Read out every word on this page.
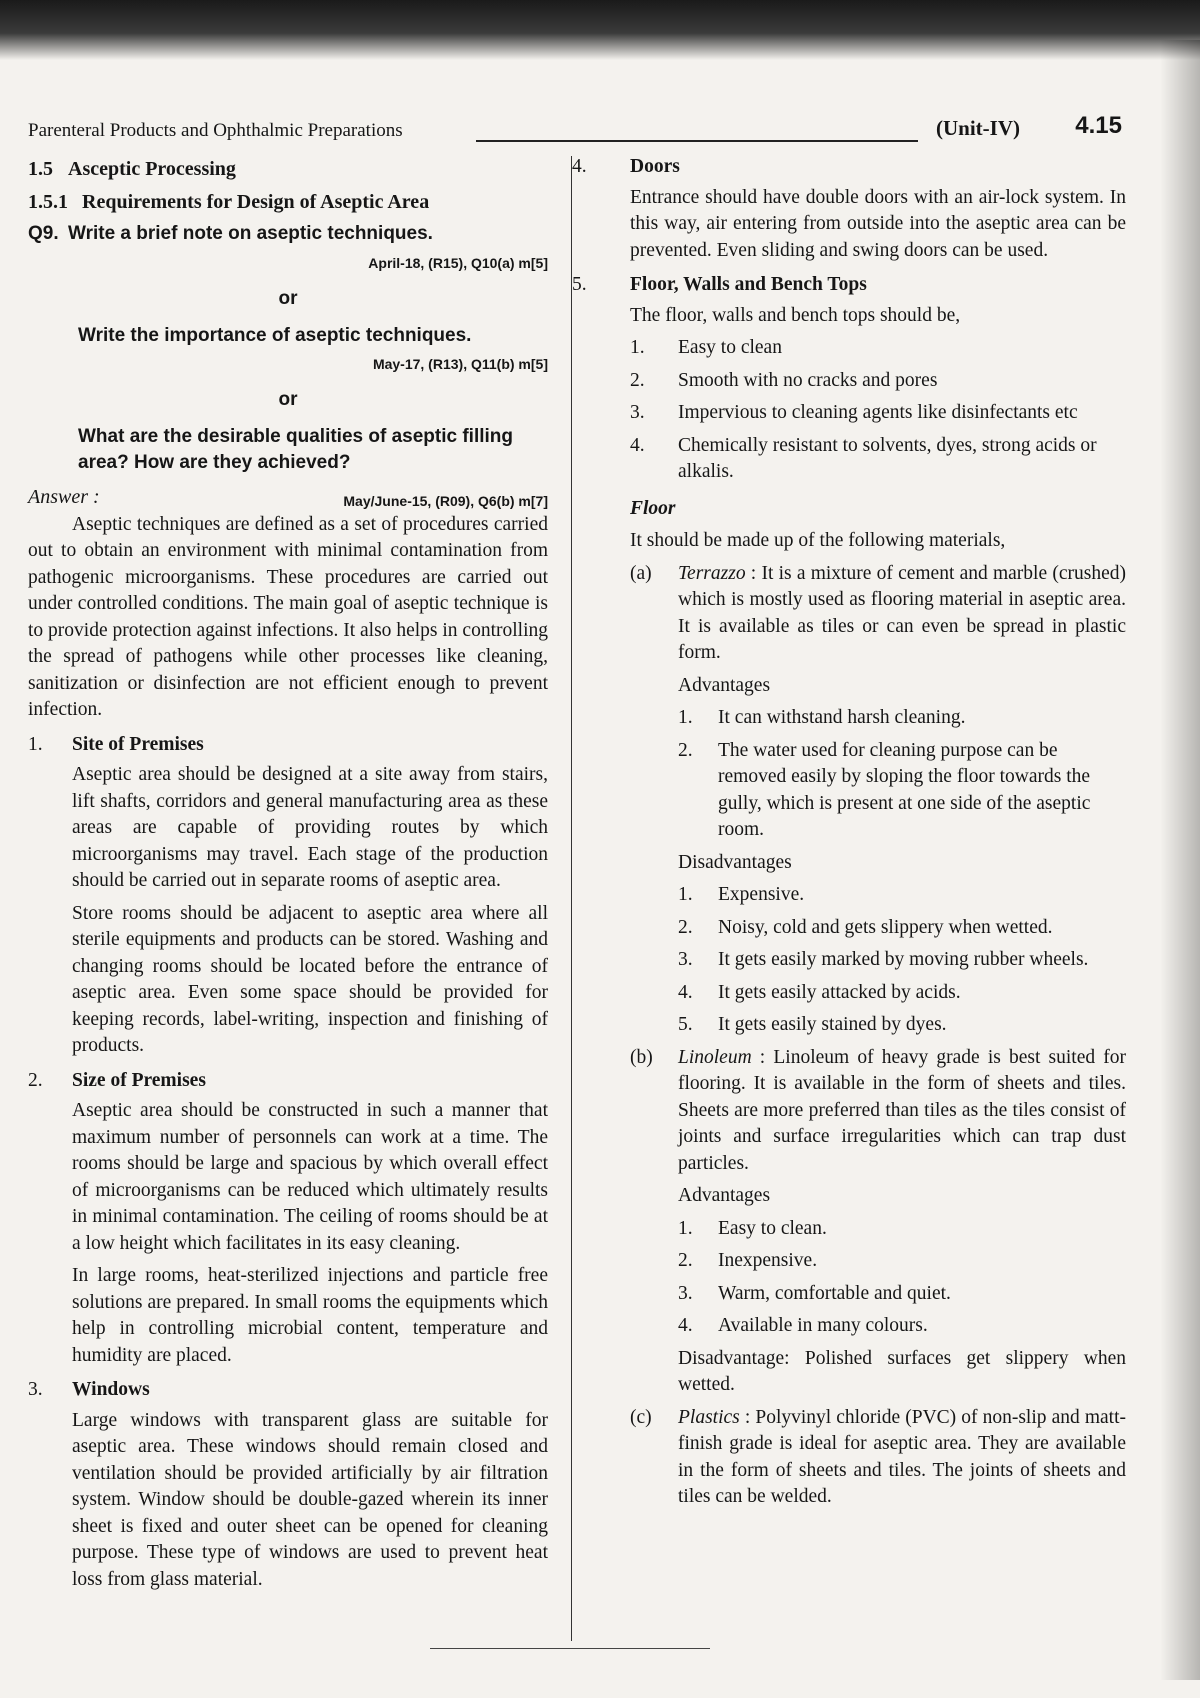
Parenteral Products and Ophthalmic Preparations	(Unit-IV) 4.15
1.5 Asceptic Processing
1.5.1 Requirements for Design of Aseptic Area
Q9. Write a brief note on aseptic techniques.
April-18, (R15), Q10(a) m[5]
or
Write the importance of aseptic techniques.
May-17, (R13), Q11(b) m[5]
or
What are the desirable qualities of aseptic filling area? How are they achieved?
Answer :	May/June-15, (R09), Q6(b) m[7]

Aseptic techniques are defined as a set of procedures carried out to obtain an environment with minimal contamination from pathogenic microorganisms. These procedures are carried out under controlled conditions. The main goal of aseptic technique is to provide protection against infections. It also helps in controlling the spread of pathogens while other processes like cleaning, sanitization or disinfection are not efficient enough to prevent infection.

1.	Site of Premises

Aseptic area should be designed at a site away from stairs, lift shafts, corridors and general manufacturing area as these areas are capable of providing routes by which microorganisms may travel. Each stage of the production should be carried out in separate rooms of aseptic area.

Store rooms should be adjacent to aseptic area where all sterile equipments and products can be stored. Washing and changing rooms should be located before the entrance of aseptic area. Even some space should be provided for keeping records, label-writing, inspection and finishing of products.

2.	Size of Premises

Aseptic area should be constructed in such a manner that maximum number of personnels can work at a time. The rooms should be large and spacious by which overall effect of microorganisms can be reduced which ultimately results in minimal contamination. The ceiling of rooms should be at a low height which facilitates in its easy cleaning.

In large rooms, heat-sterilized injections and particle free solutions are prepared. In small rooms the equipments which help in controlling microbial content, temperature and humidity are placed.

3.	Windows

Large windows with transparent glass are suitable for aseptic area. These windows should remain closed and ventilation should be provided artificially by air filtration system. Window should be double-gazed wherein its inner sheet is fixed and outer sheet can be opened for cleaning purpose. These type of windows are used to prevent heat loss from glass material.

4. Doors

Entrance should have double doors with an air-lock system. In this way, air entering from outside into the aseptic area can be prevented. Even sliding and swing doors can be used.

5. Floor, Walls and Bench Tops

The floor, walls and bench tops should be,

1.	Easy to clean
2.	Smooth with no cracks and pores
3.	Impervious to cleaning agents like disinfectants etc
4.	Chemically resistant to solvents, dyes, strong acids or alkalis.
Floor

It should be made up of the following materials,

(a)	Terrazzo : It is a mixture of cement and marble (crushed) which is mostly used as flooring material in aseptic area. It is available as tiles or can even be spread in plastic form.
Advantages
1.	It can withstand harsh cleaning.
2.	The water used for cleaning purpose can be removed easily by sloping the floor towards the gully, which is present at one side of the aseptic room.
Disadvantages
1.	Expensive.
2.	Noisy, cold and gets slippery when wetted.
3.	It gets easily marked by moving rubber wheels.
4.	It gets easily attacked by acids.
5.	It gets easily stained by dyes.
(b)	Linoleum : Linoleum of heavy grade is best suited for flooring. It is available in the form of sheets and tiles. Sheets are more preferred than tiles as the tiles consist of joints and surface irregularities which can trap dust particles.
Advantages
1.	Easy to clean.
2.	Inexpensive.
3.	Warm, comfortable and quiet.
4.	Available in many colours.

Disadvantage: Polished surfaces get slippery when wetted.

(c)	Plastics : Polyvinyl chloride (PVC) of non-slip and matt-finish grade is ideal for aseptic area. They are available in the form of sheets and tiles. The joints of sheets and tiles can be welded.
